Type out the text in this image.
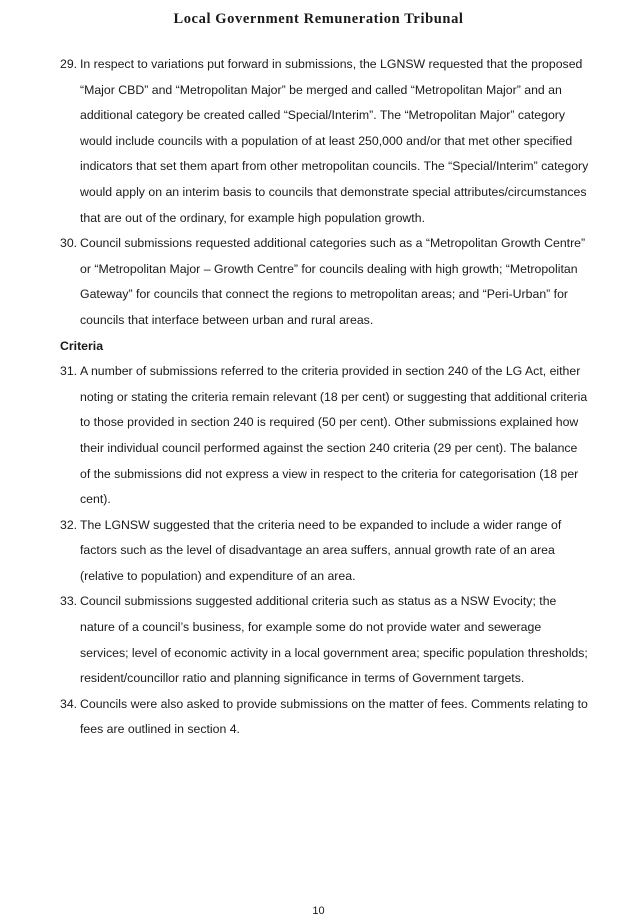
Local Government Remuneration Tribunal

29. In respect to variations put forward in submissions, the LGNSW requested that the proposed “Major CBD” and “Metropolitan Major” be merged and called “Metropolitan Major” and an additional category be created called “Special/Interim”. The “Metropolitan Major” category would include councils with a population of at least 250,000 and/or that met other specified indicators that set them apart from other metropolitan councils. The “Special/Interim” category would apply on an interim basis to councils that demonstrate special attributes/circumstances that are out of the ordinary, for example high population growth.

30. Council submissions requested additional categories such as a “Metropolitan Growth Centre” or “Metropolitan Major – Growth Centre” for councils dealing with high growth; “Metropolitan Gateway” for councils that connect the regions to metropolitan areas; and “Peri-Urban” for councils that interface between urban and rural areas.

Criteria

31. A number of submissions referred to the criteria provided in section 240 of the LG Act, either noting or stating the criteria remain relevant (18 per cent) or suggesting that additional criteria to those provided in section 240 is required (50 per cent). Other submissions explained how their individual council performed against the section 240 criteria (29 per cent). The balance of the submissions did not express a view in respect to the criteria for categorisation (18 per cent).

32. The LGNSW suggested that the criteria need to be expanded to include a wider range of factors such as the level of disadvantage an area suffers, annual growth rate of an area (relative to population) and expenditure of an area.

33. Council submissions suggested additional criteria such as status as a NSW Evocity; the nature of a council’s business, for example some do not provide water and sewerage services; level of economic activity in a local government area; specific population thresholds; resident/councillor ratio and planning significance in terms of Government targets.

34. Councils were also asked to provide submissions on the matter of fees. Comments relating to fees are outlined in section 4.

10
